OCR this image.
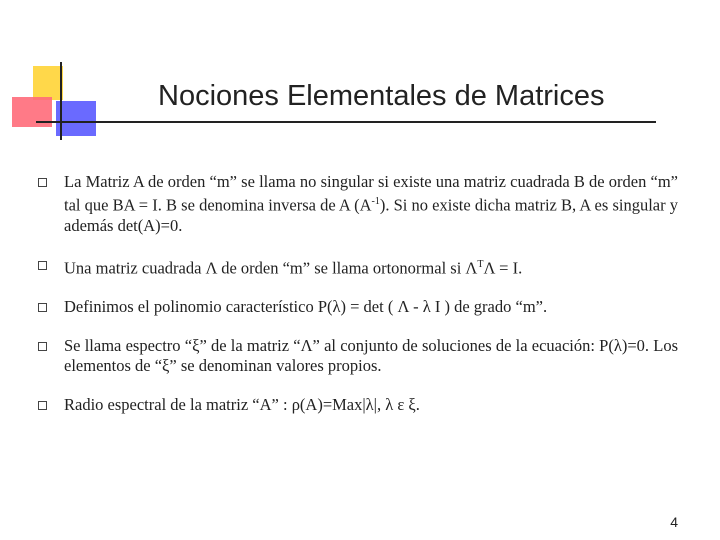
Nociones Elementales de Matrices
La Matriz A de orden “m” se llama no singular si existe una matriz cuadrada B de orden “m” tal que BA = I. B se denomina inversa de A $(A^{-1})$. Si no existe dicha matriz B, A es singular y además det(A)=0.
Una matriz cuadrada Λ de orden “m” se llama ortonormal si $\Lambda^T\Lambda = I$.
Definimos el polinomio característico P(λ) = det ( Λ - λ I ) de grado “m”.
Se llama espectro “ξ” de la matriz “Λ” al conjunto de soluciones de la ecuación: P(λ)=0. Los elementos de “ξ” se denominan valores propios.
Radio espectral de la matriz “A” : ρ(A)=Max|λ|, λ ε ξ.
4
